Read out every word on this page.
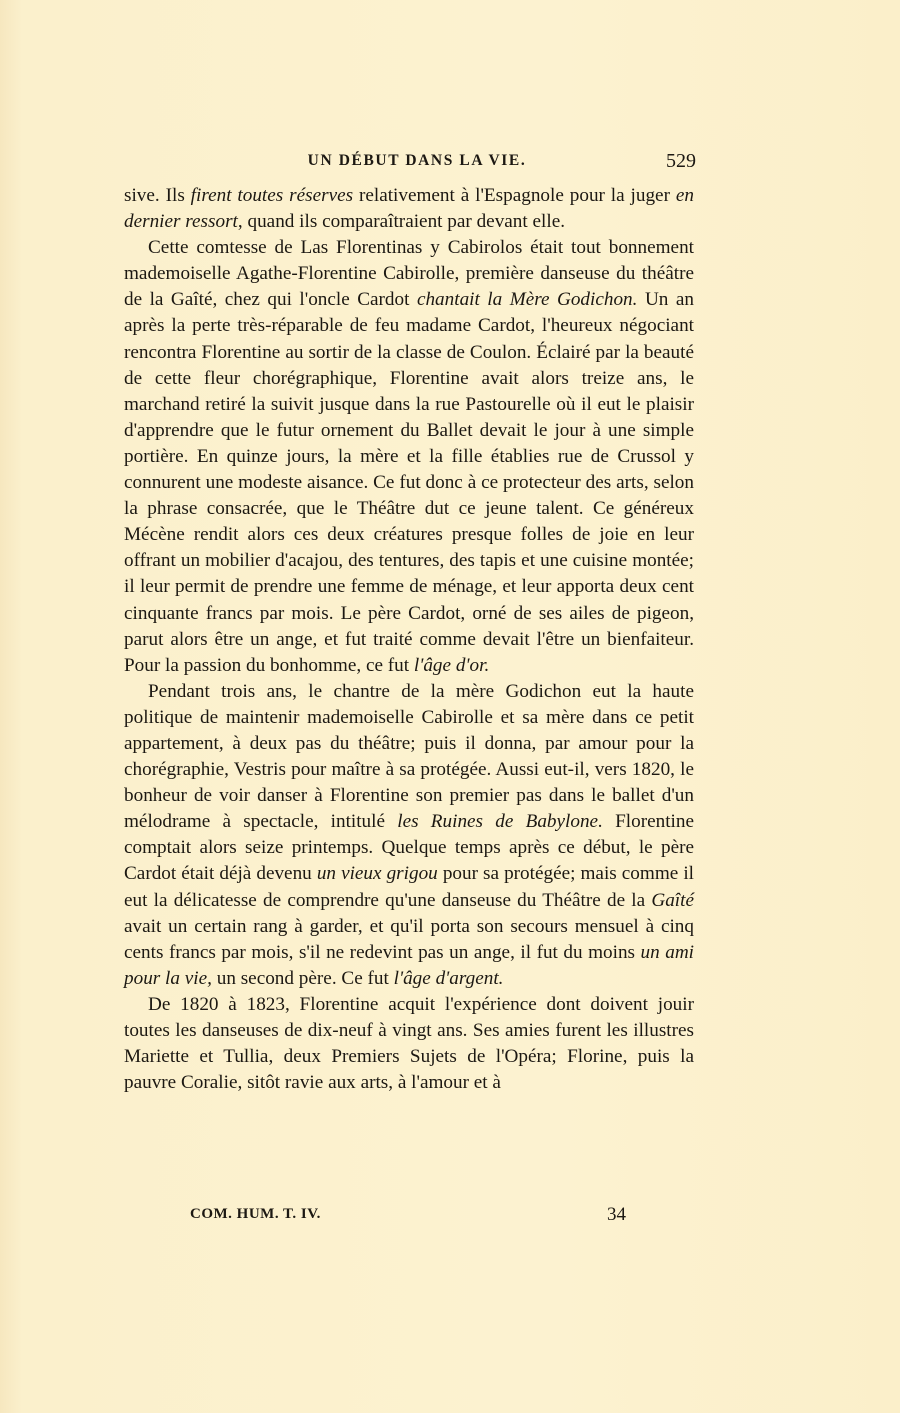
UN DÉBUT DANS LA VIE.	529

sive. Ils firent toutes réserves relativement à l'Espagnole pour la juger en dernier ressort, quand ils comparaîtraient par devant elle.

Cette comtesse de Las Florentinas y Cabirolos était tout bonnement mademoiselle Agathe-Florentine Cabirolle, première danseuse du théâtre de la Gaîté, chez qui l'oncle Cardot chantait la Mère Godichon. Un an après la perte très-réparable de feu madame Cardot, l'heureux négociant rencontra Florentine au sortir de la classe de Coulon. Éclairé par la beauté de cette fleur chorégraphique, Florentine avait alors treize ans, le marchand retiré la suivit jusque dans la rue Pastourelle où il eut le plaisir d'apprendre que le futur ornement du Ballet devait le jour à une simple portière. En quinze jours, la mère et la fille établies rue de Crussol y connurent une modeste aisance. Ce fut donc à ce protecteur des arts, selon la phrase consacrée, que le Théâtre dut ce jeune talent. Ce généreux Mécène rendit alors ces deux créatures presque folles de joie en leur offrant un mobilier d'acajou, des tentures, des tapis et une cuisine montée; il leur permit de prendre une femme de ménage, et leur apporta deux cent cinquante francs par mois. Le père Cardot, orné de ses ailes de pigeon, parut alors être un ange, et fut traité comme devait l'être un bienfaiteur. Pour la passion du bonhomme, ce fut l'âge d'or.

Pendant trois ans, le chantre de la mère Godichon eut la haute politique de maintenir mademoiselle Cabirolle et sa mère dans ce petit appartement, à deux pas du théâtre; puis il donna, par amour pour la chorégraphie, Vestris pour maître à sa protégée. Aussi eut-il, vers 1820, le bonheur de voir danser à Florentine son premier pas dans le ballet d'un mélodrame à spectacle, intitulé les Ruines de Babylone. Florentine comptait alors seize printemps. Quelque temps après ce début, le père Cardot était déjà devenu un vieux grigou pour sa protégée; mais comme il eut la délicatesse de comprendre qu'une danseuse du Théâtre de la Gaîté avait un certain rang à garder, et qu'il porta son secours mensuel à cinq cents francs par mois, s'il ne redevint pas un ange, il fut du moins un ami pour la vie, un second père. Ce fut l'âge d'argent.

De 1820 à 1823, Florentine acquit l'expérience dont doivent jouir toutes les danseuses de dix-neuf à vingt ans. Ses amies furent les illustres Mariette et Tullia, deux Premiers Sujets de l'Opéra; Florine, puis la pauvre Coralie, sitôt ravie aux arts, à l'amour et à

COM. HUM. T. IV.	34
